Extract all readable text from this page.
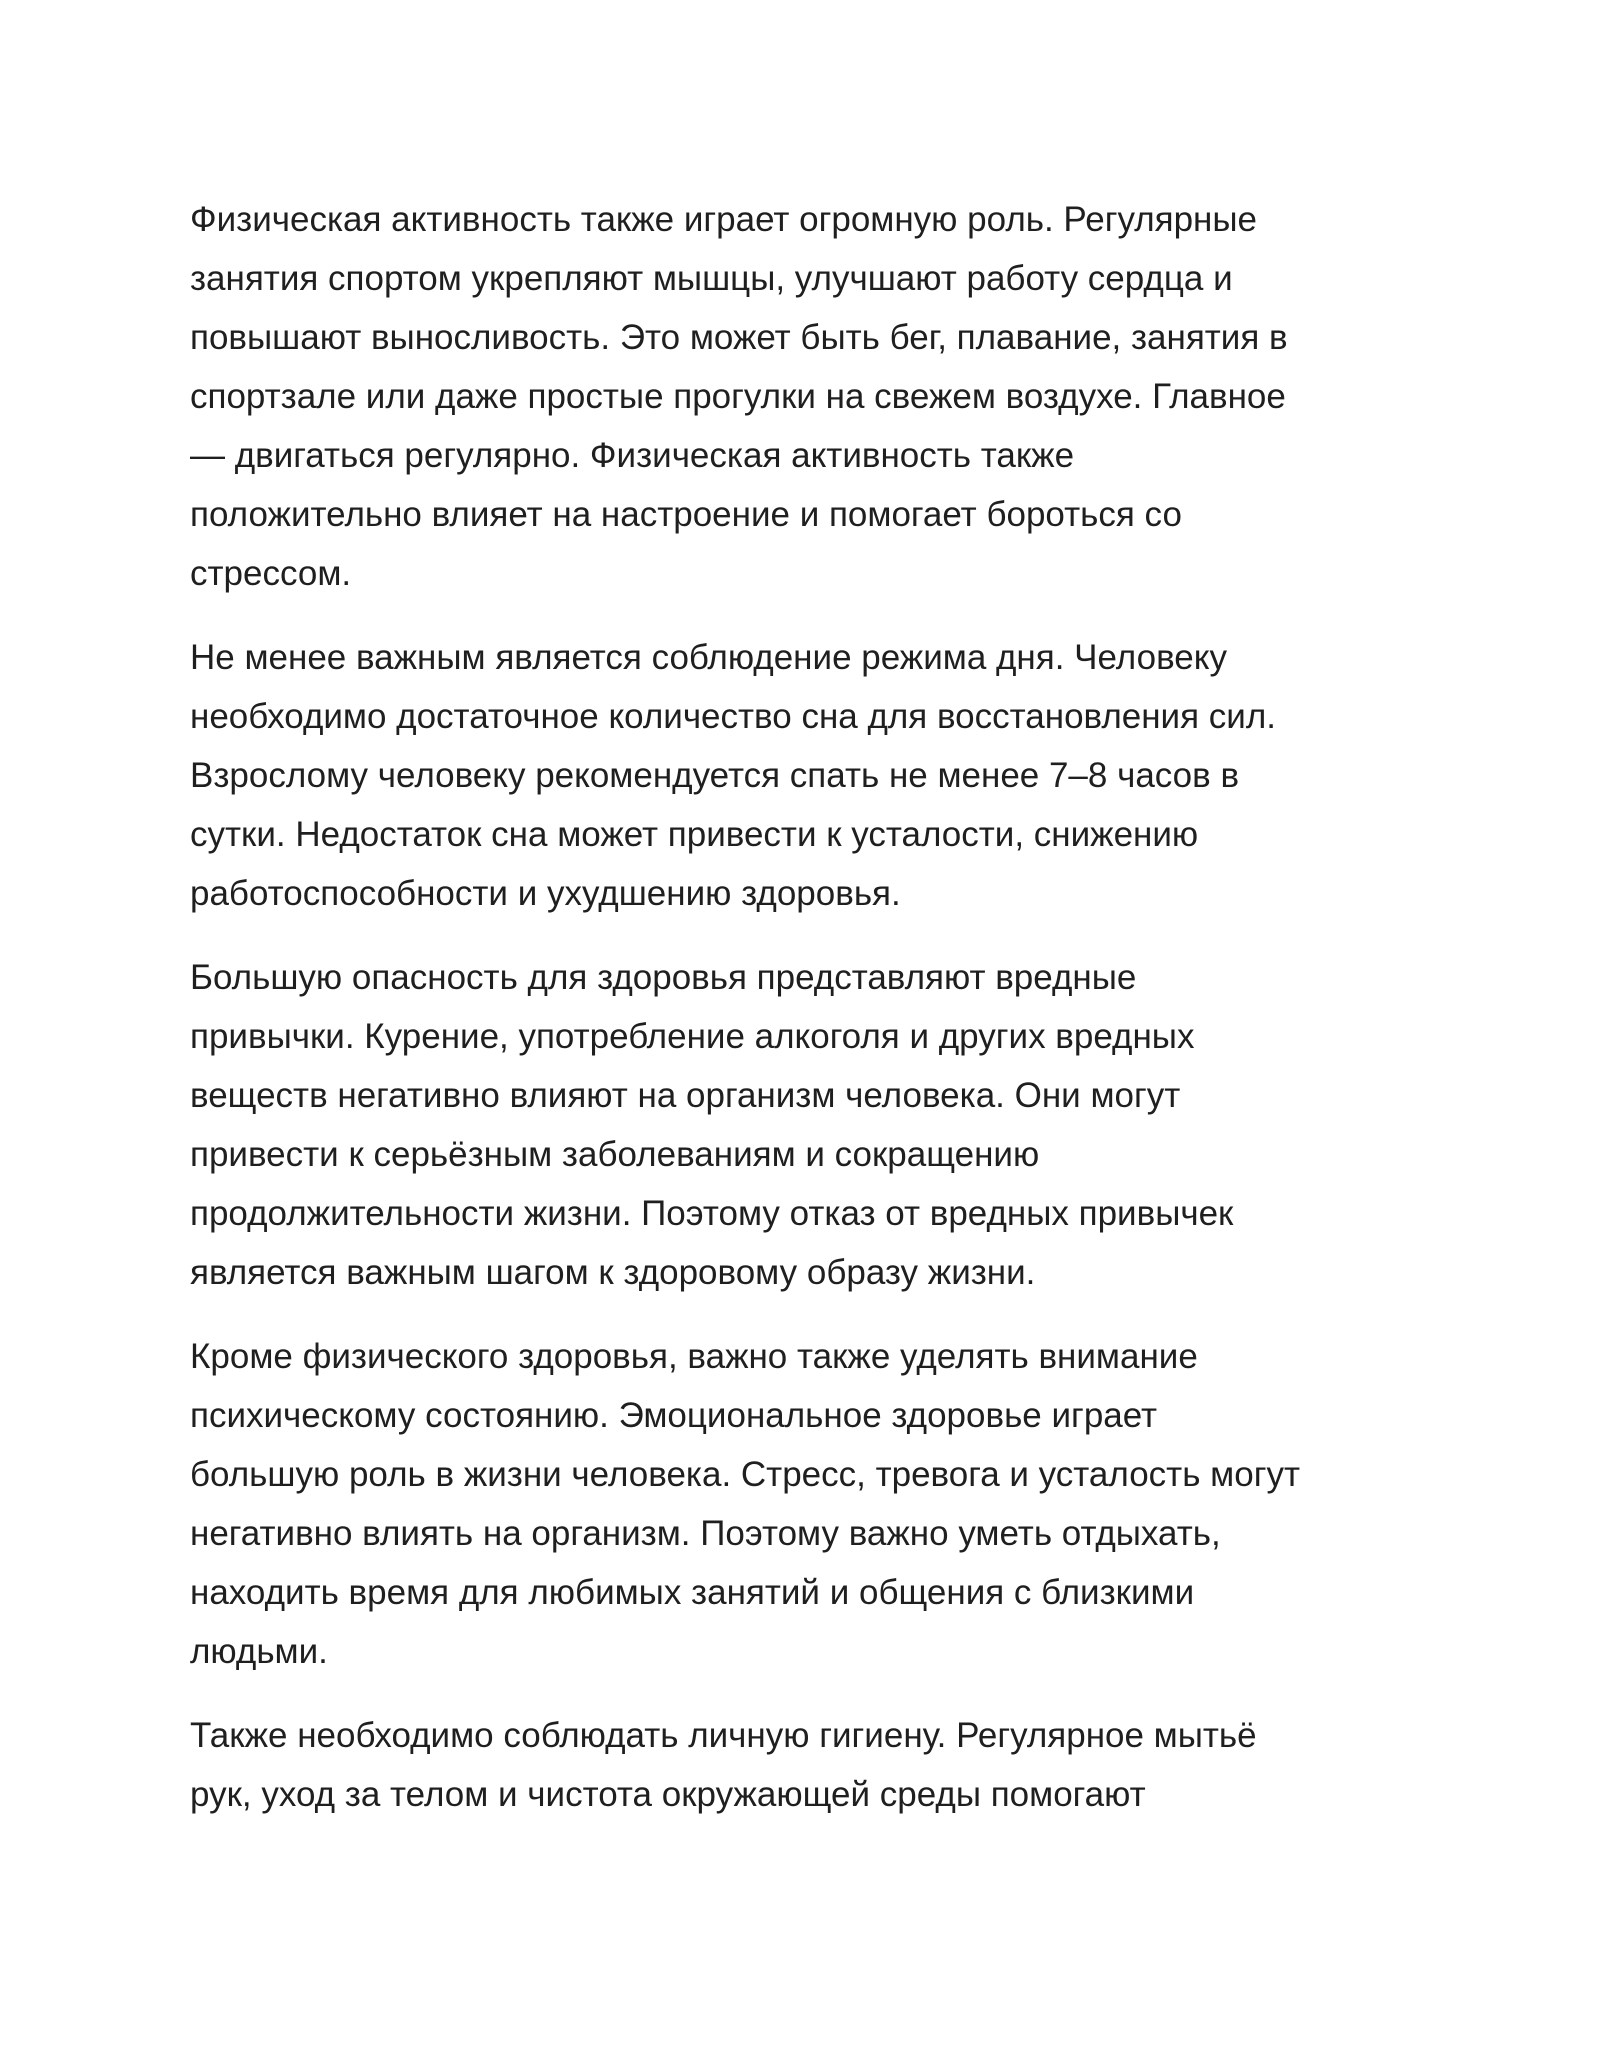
Физическая активность также играет огромную роль. Регулярные
занятия спортом укрепляют мышцы, улучшают работу сердца и
повышают выносливость. Это может быть бег, плавание, занятия в
спортзале или даже простые прогулки на свежем воздухе. Главное
— двигаться регулярно. Физическая активность также
положительно влияет на настроение и помогает бороться со
стрессом.

Не менее важным является соблюдение режима дня. Человеку
необходимо достаточное количество сна для восстановления сил.
Взрослому человеку рекомендуется спать не менее 7–8 часов в
сутки. Недостаток сна может привести к усталости, снижению
работоспособности и ухудшению здоровья.

Большую опасность для здоровья представляют вредные
привычки. Курение, употребление алкоголя и других вредных
веществ негативно влияют на организм человека. Они могут
привести к серьёзным заболеваниям и сокращению
продолжительности жизни. Поэтому отказ от вредных привычек
является важным шагом к здоровому образу жизни.

Кроме физического здоровья, важно также уделять внимание
психическому состоянию. Эмоциональное здоровье играет
большую роль в жизни человека. Стресс, тревога и усталость могут
негативно влиять на организм. Поэтому важно уметь отдыхать,
находить время для любимых занятий и общения с близкими
людьми.

Также необходимо соблюдать личную гигиену. Регулярное мытьё
рук, уход за телом и чистота окружающей среды помогают
